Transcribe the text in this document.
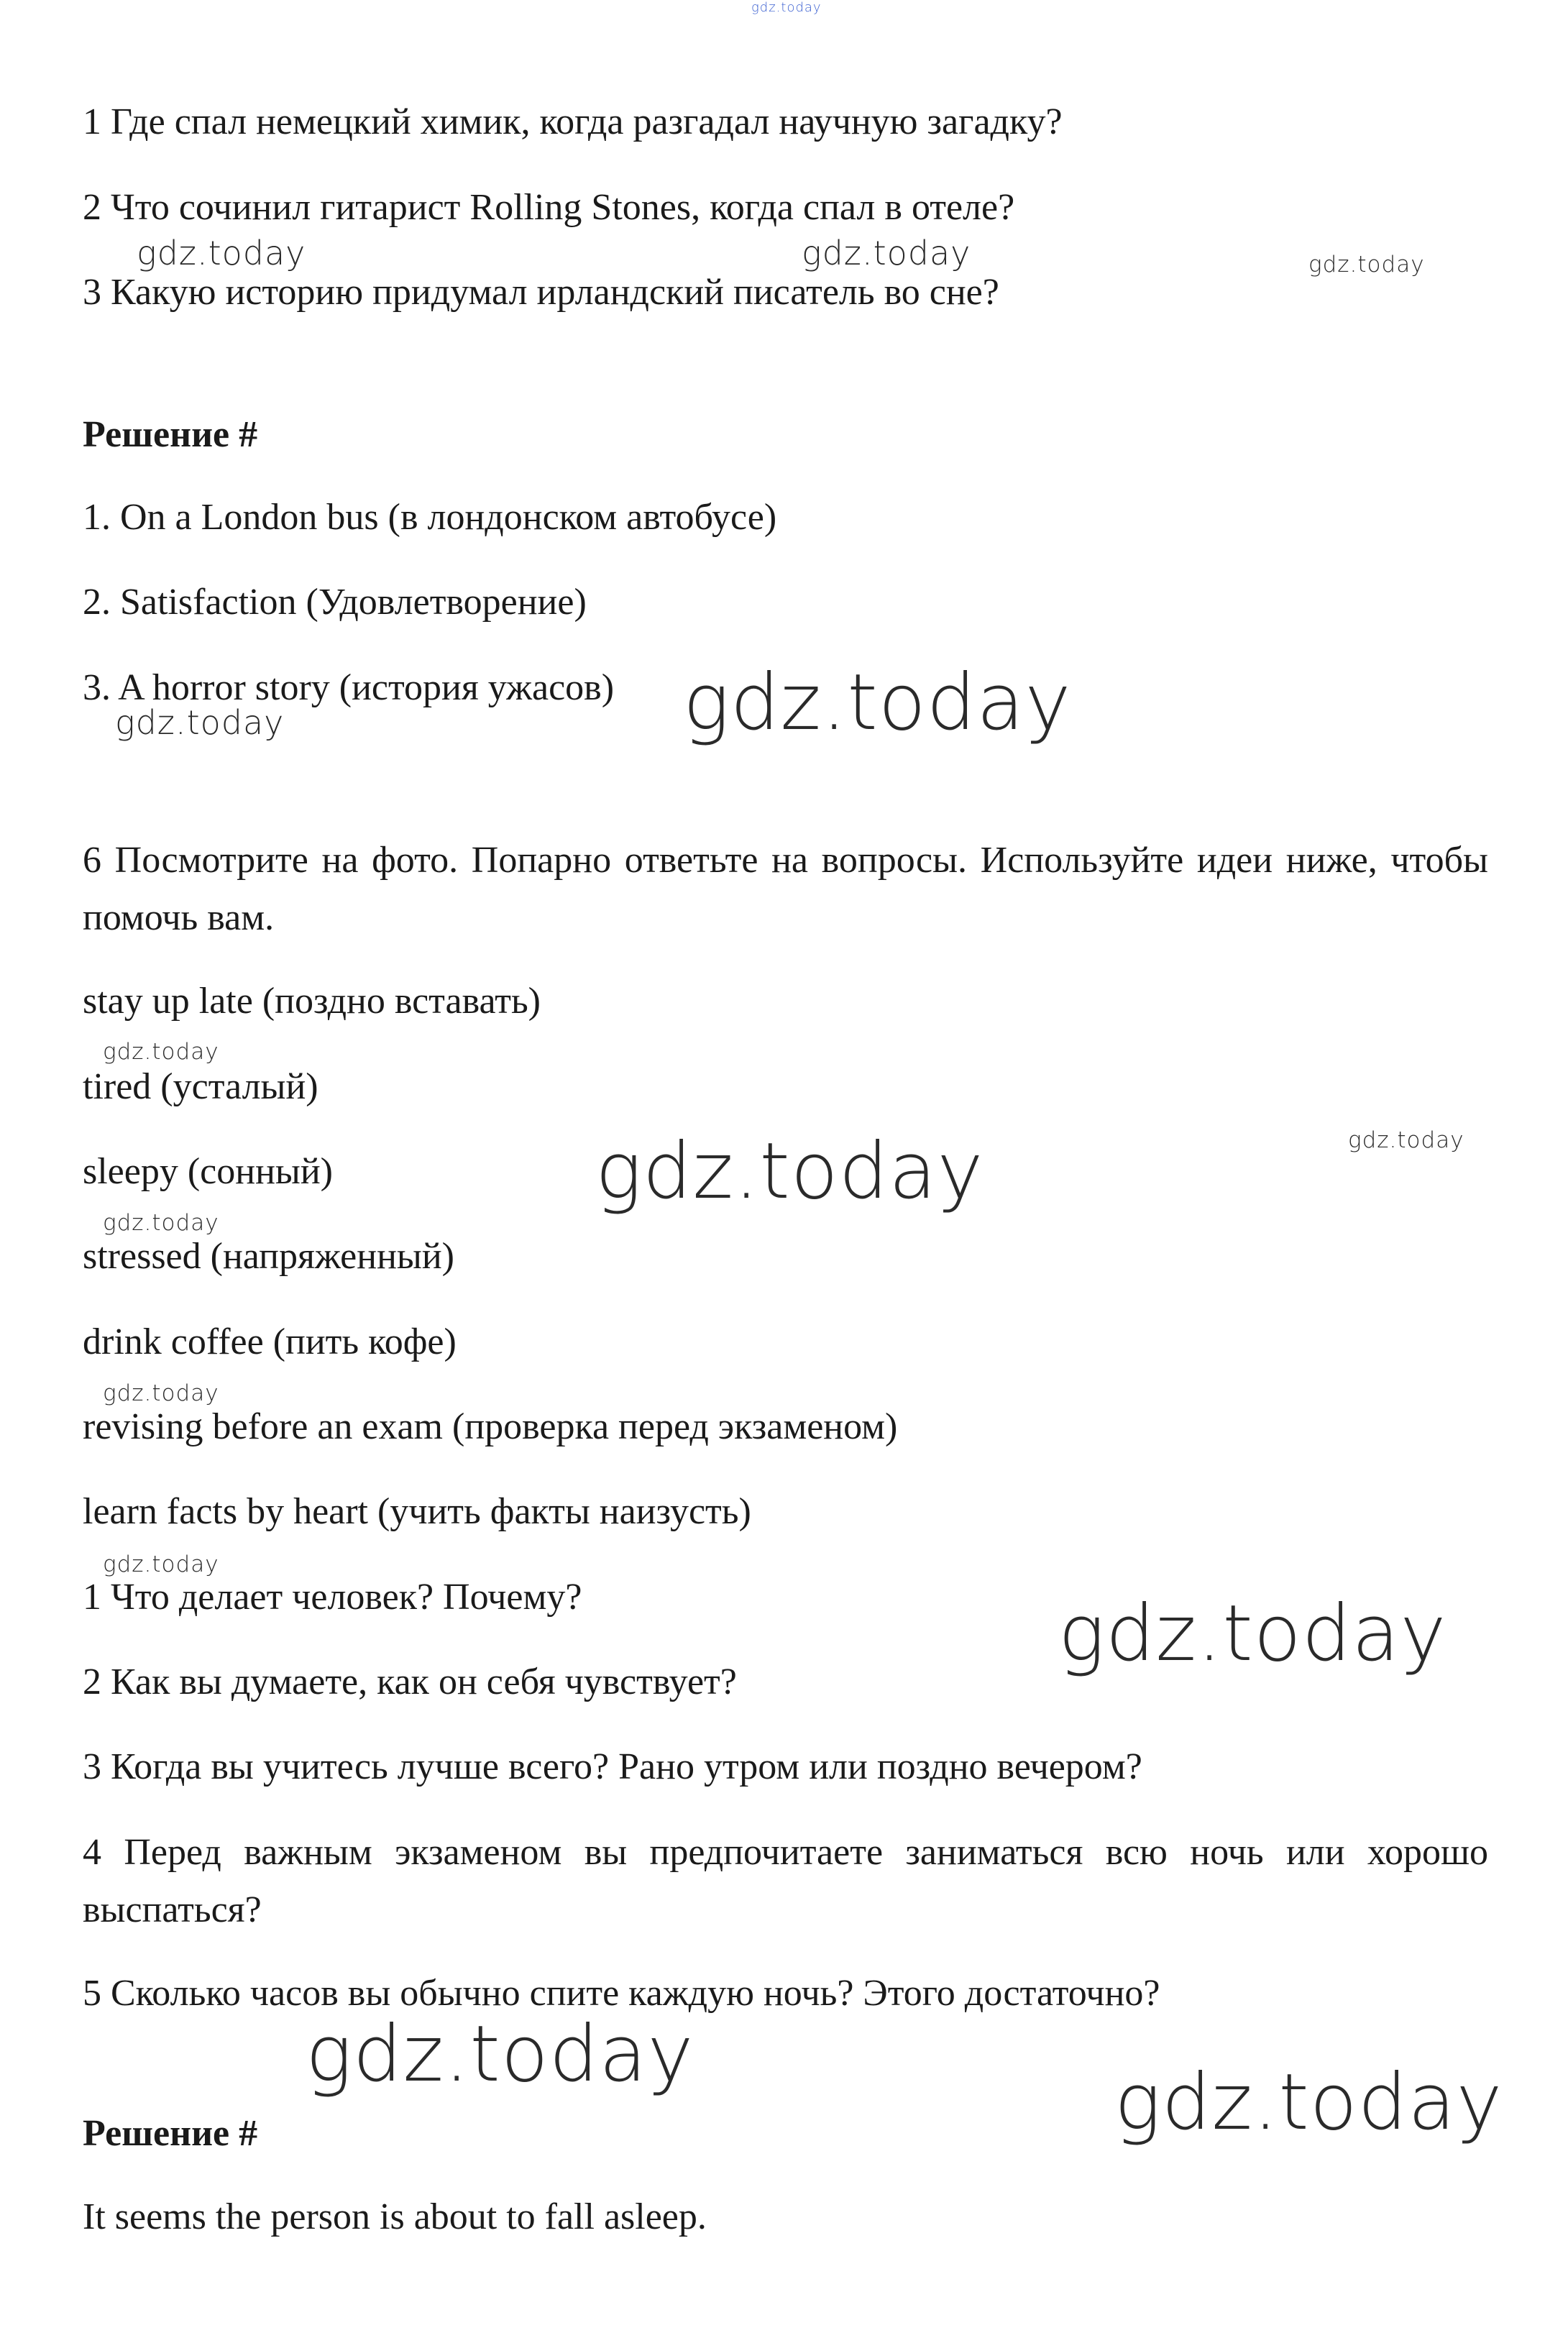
gdz.today
1 Где спал немецкий химик, когда разгадал научную загадку?
2 Что сочинил гитарист Rolling Stones, когда спал в отеле?
3 Какую историю придумал ирландский писатель во сне?
Решение #
1. On a London bus (в лондонском автобусе)
2. Satisfaction (Удовлетворение)
3. A horror story (история ужасов)
6 Посмотрите на фото. Попарно ответьте на вопросы. Используйте идеи ниже, чтобы помочь вам.
stay up late (поздно вставать)
tired (усталый)
sleepy (сонный)
stressed (напряженный)
drink coffee (пить кофе)
revising before an exam (проверка перед экзаменом)
learn facts by heart (учить факты наизусть)
1 Что делает человек? Почему?
2 Как вы думаете, как он себя чувствует?
3 Когда вы учитесь лучше всего? Рано утром или поздно вечером?
4 Перед важным экзаменом вы предпочитаете заниматься всю ночь или хорошо выспаться?
5 Сколько часов вы обычно спите каждую ночь? Этого достаточно?
Решение #
It seems the person is about to fall asleep.
gdz.today	gdz.today	gdz.today
gdz.today
gdz.today
gdz.today
gdz.today	gdz.today
gdz.today
gdz.today
gdz.today
gdz.today
gdz.today
gdz.today
